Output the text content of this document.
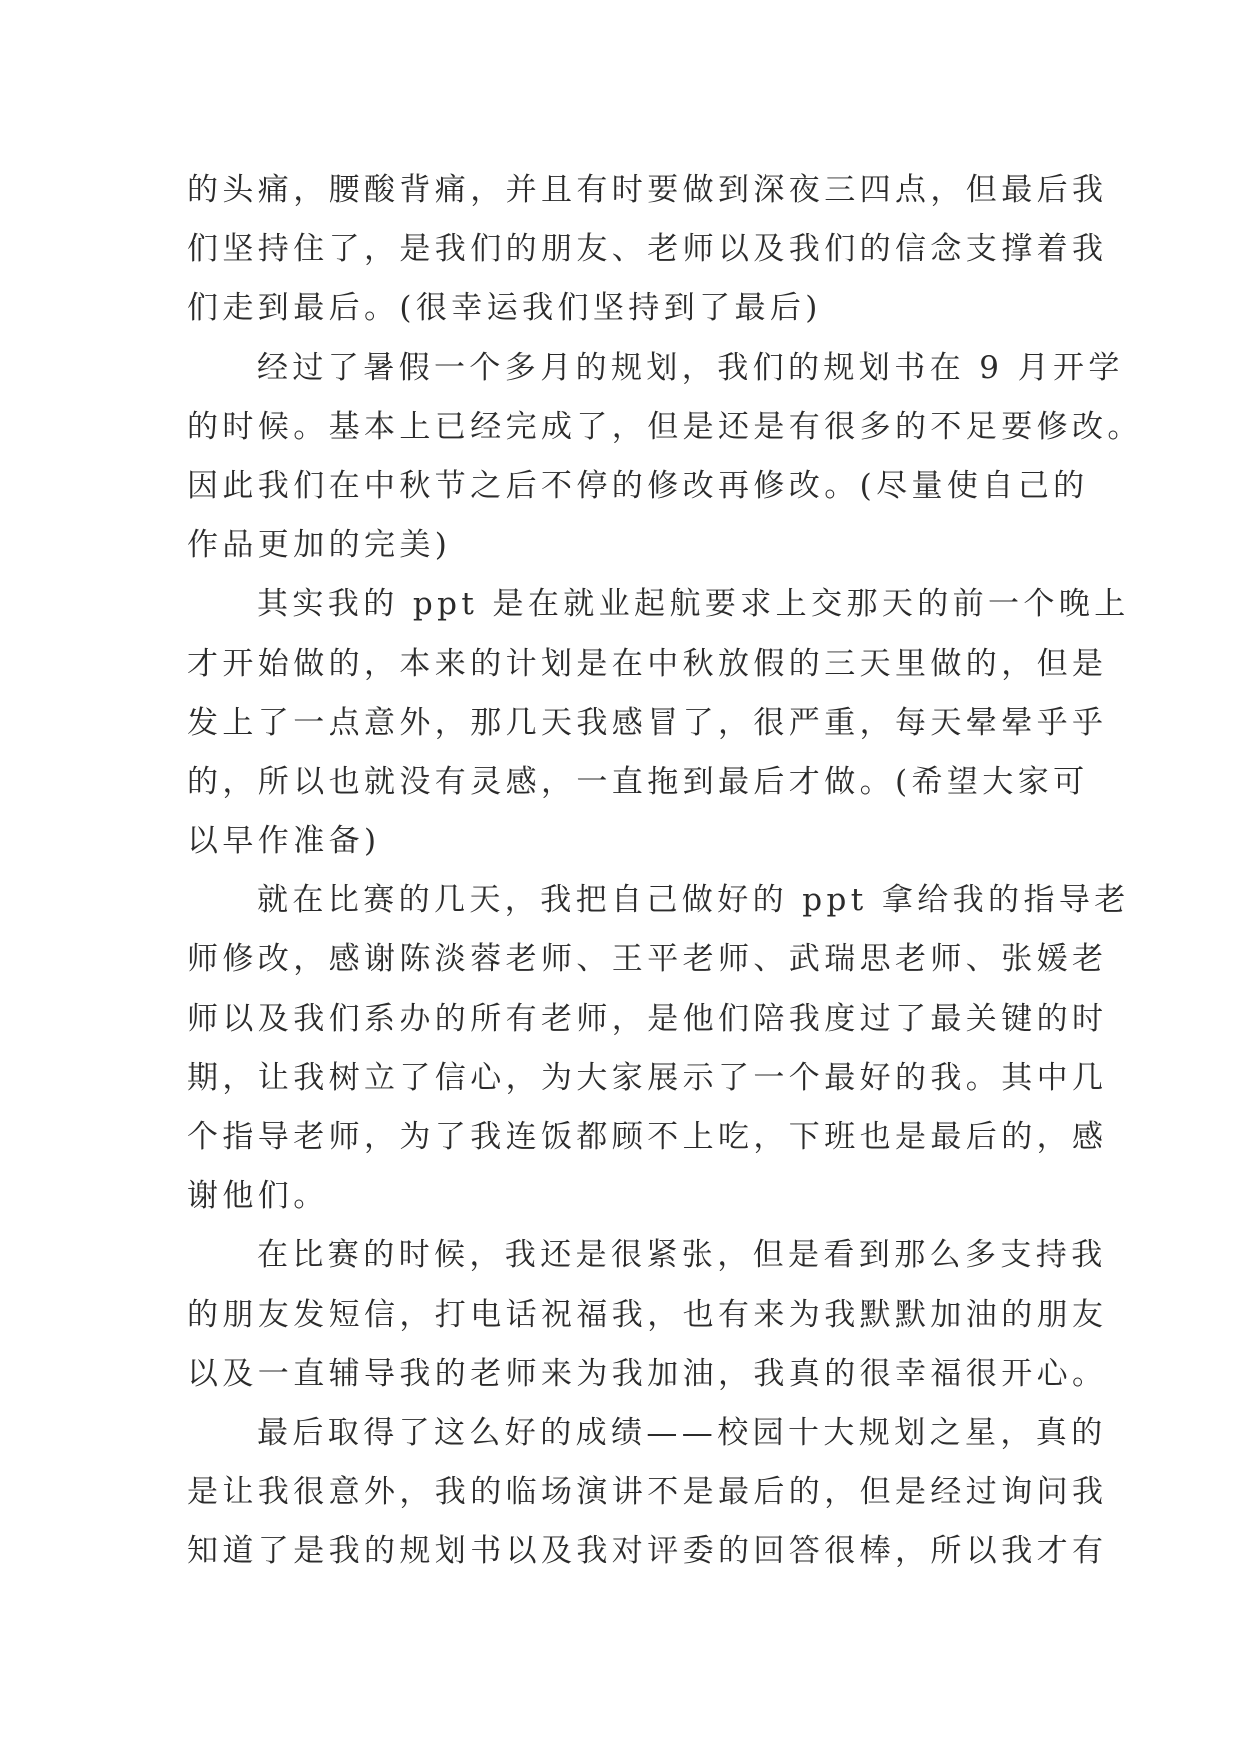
的头痛，腰酸背痛，并且有时要做到深夜三四点，但最后我
们坚持住了，是我们的朋友、老师以及我们的信念支撑着我
们走到最后。(很幸运我们坚持到了最后)
经过了暑假一个多月的规划，我们的规划书在 9 月开学
的时候。基本上已经完成了，但是还是有很多的不足要修改。
因此我们在中秋节之后不停的修改再修改。(尽量使自己的
作品更加的完美)
其实我的 ppt 是在就业起航要求上交那天的前一个晚上
才开始做的，本来的计划是在中秋放假的三天里做的，但是
发上了一点意外，那几天我感冒了，很严重，每天晕晕乎乎
的，所以也就没有灵感，一直拖到最后才做。(希望大家可
以早作准备)
就在比赛的几天，我把自己做好的 ppt 拿给我的指导老
师修改，感谢陈淡蓉老师、王平老师、武瑞思老师、张媛老
师以及我们系办的所有老师，是他们陪我度过了最关键的时
期，让我树立了信心，为大家展示了一个最好的我。其中几
个指导老师，为了我连饭都顾不上吃，下班也是最后的，感
谢他们。
在比赛的时候，我还是很紧张，但是看到那么多支持我
的朋友发短信，打电话祝福我，也有来为我默默加油的朋友
以及一直辅导我的老师来为我加油，我真的很幸福很开心。
最后取得了这么好的成绩——校园十大规划之星，真的
是让我很意外，我的临场演讲不是最后的，但是经过询问我
知道了是我的规划书以及我对评委的回答很棒，所以我才有
